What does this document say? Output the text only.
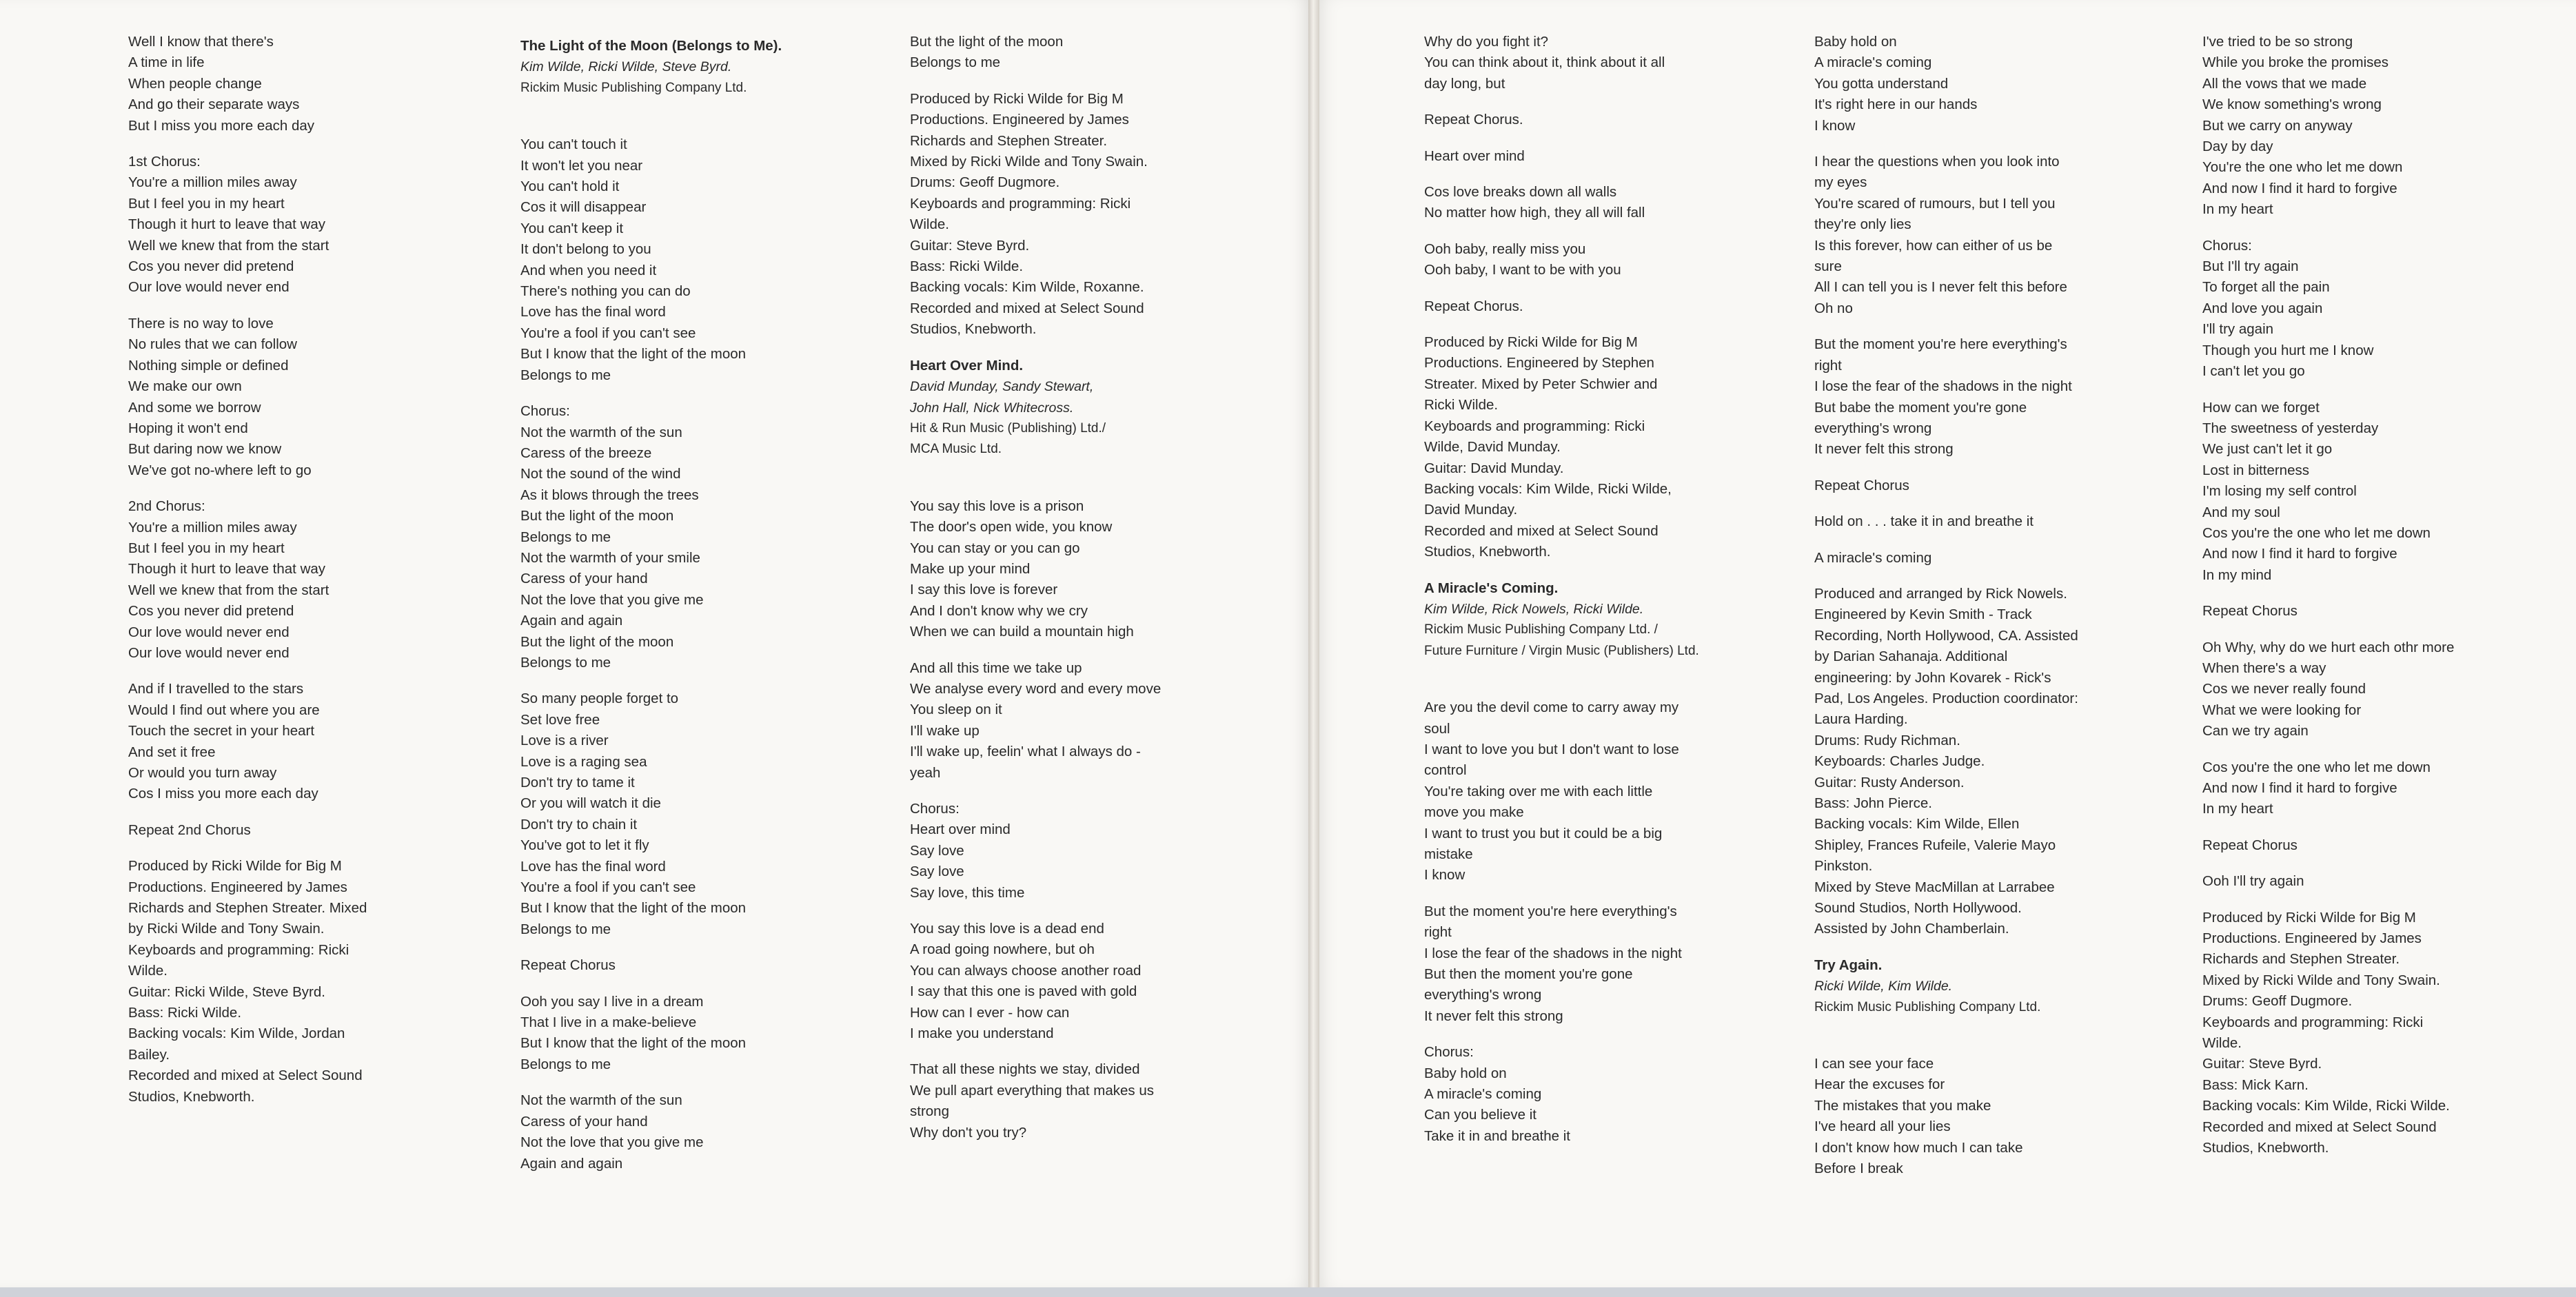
Well I know that there's
A time in life
When people change
And go their separate ways
But I miss you more each day
1st Chorus:
You're a million miles away
But I feel you in my heart
Though it hurt to leave that way
Well we knew that from the start
Cos you never did pretend
Our love would never end
There is no way to love
No rules that we can follow
Nothing simple or defined
We make our own
And some we borrow
Hoping it won't end
But daring now we know
We've got no-where left to go
2nd Chorus:
You're a million miles away
But I feel you in my heart
Though it hurt to leave that way
Well we knew that from the start
Cos you never did pretend
Our love would never end
Our love would never end
And if I travelled to the stars
Would I find out where you are
Touch the secret in your heart
And set it free
Or would you turn away
Cos I miss you more each day
Repeat 2nd Chorus
Produced by Ricki Wilde for Big M
Productions. Engineered by James
Richards and Stephen Streater. Mixed
by Ricki Wilde and Tony Swain.
Keyboards and programming: Ricki
Wilde.
Guitar: Ricki Wilde, Steve Byrd.
Bass: Ricki Wilde.
Backing vocals: Kim Wilde, Jordan
Bailey.
Recorded and mixed at Select Sound
Studios, Knebworth.
The Light of the Moon (Belongs to Me).
Kim Wilde, Ricki Wilde, Steve Byrd.
Rickim Music Publishing Company Ltd.
You can't touch it
It won't let you near
You can't hold it
Cos it will disappear
You can't keep it
It don't belong to you
And when you need it
There's nothing you can do
Love has the final word
You're a fool if you can't see
But I know that the light of the moon
Belongs to me
Chorus:
Not the warmth of the sun
Caress of the breeze
Not the sound of the wind
As it blows through the trees
But the light of the moon
Belongs to me
Not the warmth of your smile
Caress of your hand
Not the love that you give me
Again and again
But the light of the moon
Belongs to me
So many people forget to
Set love free
Love is a river
Love is a raging sea
Don't try to tame it
Or you will watch it die
Don't try to chain it
You've got to let it fly
Love has the final word
You're a fool if you can't see
But I know that the light of the moon
Belongs to me
Repeat Chorus
Ooh you say I live in a dream
That I live in a make-believe
But I know that the light of the moon
Belongs to me
Not the warmth of the sun
Caress of your hand
Not the love that you give me
Again and again
But the light of the moon
Belongs to me
Produced by Ricki Wilde for Big M
Productions. Engineered by James
Richards and Stephen Streater.
Mixed by Ricki Wilde and Tony Swain.
Drums: Geoff Dugmore.
Keyboards and programming: Ricki
Wilde.
Guitar: Steve Byrd.
Bass: Ricki Wilde.
Backing vocals: Kim Wilde, Roxanne.
Recorded and mixed at Select Sound
Studios, Knebworth.
Heart Over Mind.
David Munday, Sandy Stewart,
John Hall, Nick Whitecross.
Hit & Run Music (Publishing) Ltd./
MCA Music Ltd.
You say this love is a prison
The door's open wide, you know
You can stay or you can go
Make up your mind
I say this love is forever
And I don't know why we cry
When we can build a mountain high
And all this time we take up
We analyse every word and every move
You sleep on it
I'll wake up
I'll wake up, feelin' what I always do -
yeah
Chorus:
Heart over mind
Say love
Say love
Say love, this time
You say this love is a dead end
A road going nowhere, but oh
You can always choose another road
I say that this one is paved with gold
How can I ever - how can
I make you understand
That all these nights we stay, divided
We pull apart everything that makes us
strong
Why don't you try?
Why do you fight it?
You can think about it, think about it all
day long, but
Repeat Chorus.
Heart over mind
Cos love breaks down all walls
No matter how high, they all will fall
Ooh baby, really miss you
Ooh baby, I want to be with you
Repeat Chorus.
Produced by Ricki Wilde for Big M
Productions. Engineered by Stephen
Streater. Mixed by Peter Schwier and
Ricki Wilde.
Keyboards and programming: Ricki
Wilde, David Munday.
Guitar: David Munday.
Backing vocals: Kim Wilde, Ricki Wilde,
David Munday.
Recorded and mixed at Select Sound
Studios, Knebworth.
A Miracle's Coming.
Kim Wilde, Rick Nowels, Ricki Wilde.
Rickim Music Publishing Company Ltd. /
Future Furniture / Virgin Music (Publishers) Ltd.
Are you the devil come to carry away my
soul
I want to love you but I don't want to lose
control
You're taking over me with each little
move you make
I want to trust you but it could be a big
mistake
I know
But the moment you're here everything's
right
I lose the fear of the shadows in the night
But then the moment you're gone
everything's wrong
It never felt this strong
Chorus:
Baby hold on
A miracle's coming
Can you believe it
Take it in and breathe it
Baby hold on
A miracle's coming
You gotta understand
It's right here in our hands
I know
I hear the questions when you look into
my eyes
You're scared of rumours, but I tell you
they're only lies
Is this forever, how can either of us be
sure
All I can tell you is I never felt this before
Oh no
But the moment you're here everything's
right
I lose the fear of the shadows in the night
But babe the moment you're gone
everything's wrong
It never felt this strong
Repeat Chorus
Hold on . . . take it in and breathe it
A miracle's coming
Produced and arranged by Rick Nowels.
Engineered by Kevin Smith - Track
Recording, North Hollywood, CA. Assisted
by Darian Sahanaja. Additional
engineering: by John Kovarek - Rick's
Pad, Los Angeles. Production coordinator:
Laura Harding.
Drums: Rudy Richman.
Keyboards: Charles Judge.
Guitar: Rusty Anderson.
Bass: John Pierce.
Backing vocals: Kim Wilde, Ellen
Shipley, Frances Rufeile, Valerie Mayo
Pinkston.
Mixed by Steve MacMillan at Larrabee
Sound Studios, North Hollywood.
Assisted by John Chamberlain.
Try Again.
Ricki Wilde, Kim Wilde.
Rickim Music Publishing Company Ltd.
I can see your face
Hear the excuses for
The mistakes that you make
I've heard all your lies
I don't know how much I can take
Before I break
I've tried to be so strong
While you broke the promises
All the vows that we made
We know something's wrong
But we carry on anyway
Day by day
You're the one who let me down
And now I find it hard to forgive
In my heart
Chorus:
But I'll try again
To forget all the pain
And love you again
I'll try again
Though you hurt me I know
I can't let you go
How can we forget
The sweetness of yesterday
We just can't let it go
Lost in bitterness
I'm losing my self control
And my soul
Cos you're the one who let me down
And now I find it hard to forgive
In my mind
Repeat Chorus
Oh Why, why do we hurt each othr more
When there's a way
Cos we never really found
What we were looking for
Can we try again
Cos you're the one who let me down
And now I find it hard to forgive
In my heart
Repeat Chorus
Ooh I'll try again
Produced by Ricki Wilde for Big M
Productions. Engineered by James
Richards and Stephen Streater.
Mixed by Ricki Wilde and Tony Swain.
Drums: Geoff Dugmore.
Keyboards and programming: Ricki
Wilde.
Guitar: Steve Byrd.
Bass: Mick Karn.
Backing vocals: Kim Wilde, Ricki Wilde.
Recorded and mixed at Select Sound
Studios, Knebworth.
